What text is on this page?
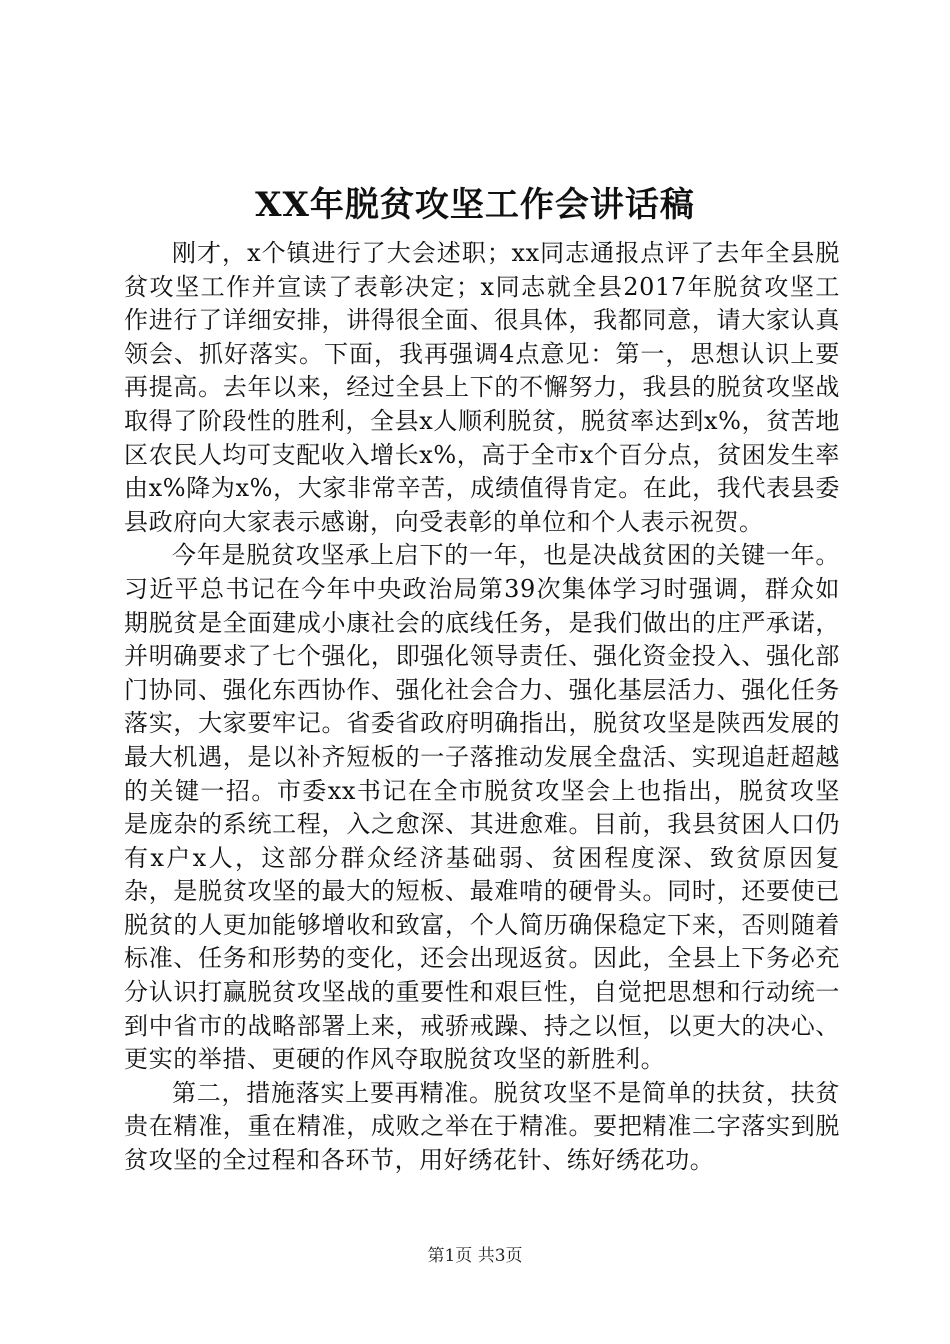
XX年脱贫攻坚工作会讲话稿

刚才，x个镇进行了大会述职；xx同志通报点评了去年全县脱贫攻坚工作并宣读了表彰决定；x同志就全县2017年脱贫攻坚工作进行了详细安排，讲得很全面、很具体，我都同意，请大家认真领会、抓好落实。下面，我再强调4点意见：第一，思想认识上要再提高。去年以来，经过全县上下的不懈努力，我县的脱贫攻坚战取得了阶段性的胜利，全县x人顺利脱贫，脱贫率达到x%，贫苦地区农民人均可支配收入增长x%，高于全市x个百分点，贫困发生率由x%降为x%，大家非常辛苦，成绩值得肯定。在此，我代表县委县政府向大家表示感谢，向受表彰的单位和个人表示祝贺。

今年是脱贫攻坚承上启下的一年，也是决战贫困的关键一年。习近平总书记在今年中央政治局第39次集体学习时强调，群众如期脱贫是全面建成小康社会的底线任务，是我们做出的庄严承诺，并明确要求了七个强化，即强化领导责任、强化资金投入、强化部门协同、强化东西协作、强化社会合力、强化基层活力、强化任务落实，大家要牢记。省委省政府明确指出，脱贫攻坚是陕西发展的最大机遇，是以补齐短板的一子落推动发展全盘活、实现追赶超越的关键一招。市委xx书记在全市脱贫攻坚会上也指出，脱贫攻坚是庞杂的系统工程，入之愈深、其进愈难。目前，我县贫困人口仍有x户x人，这部分群众经济基础弱、贫困程度深、致贫原因复杂，是脱贫攻坚的最大的短板、最难啃的硬骨头。同时，还要使已脱贫的人更加能够增收和致富，个人简历确保稳定下来，否则随着标准、任务和形势的变化，还会出现返贫。因此，全县上下务必充分认识打赢脱贫攻坚战的重要性和艰巨性，自觉把思想和行动统一到中省市的战略部署上来，戒骄戒躁、持之以恒，以更大的决心、更实的举措、更硬的作风夺取脱贫攻坚的新胜利。

第二，措施落实上要再精准。脱贫攻坚不是简单的扶贫，扶贫贵在精准，重在精准，成败之举在于精准。要把精准二字落实到脱贫攻坚的全过程和各环节，用好绣花针、练好绣花功。

第1页 共3页
